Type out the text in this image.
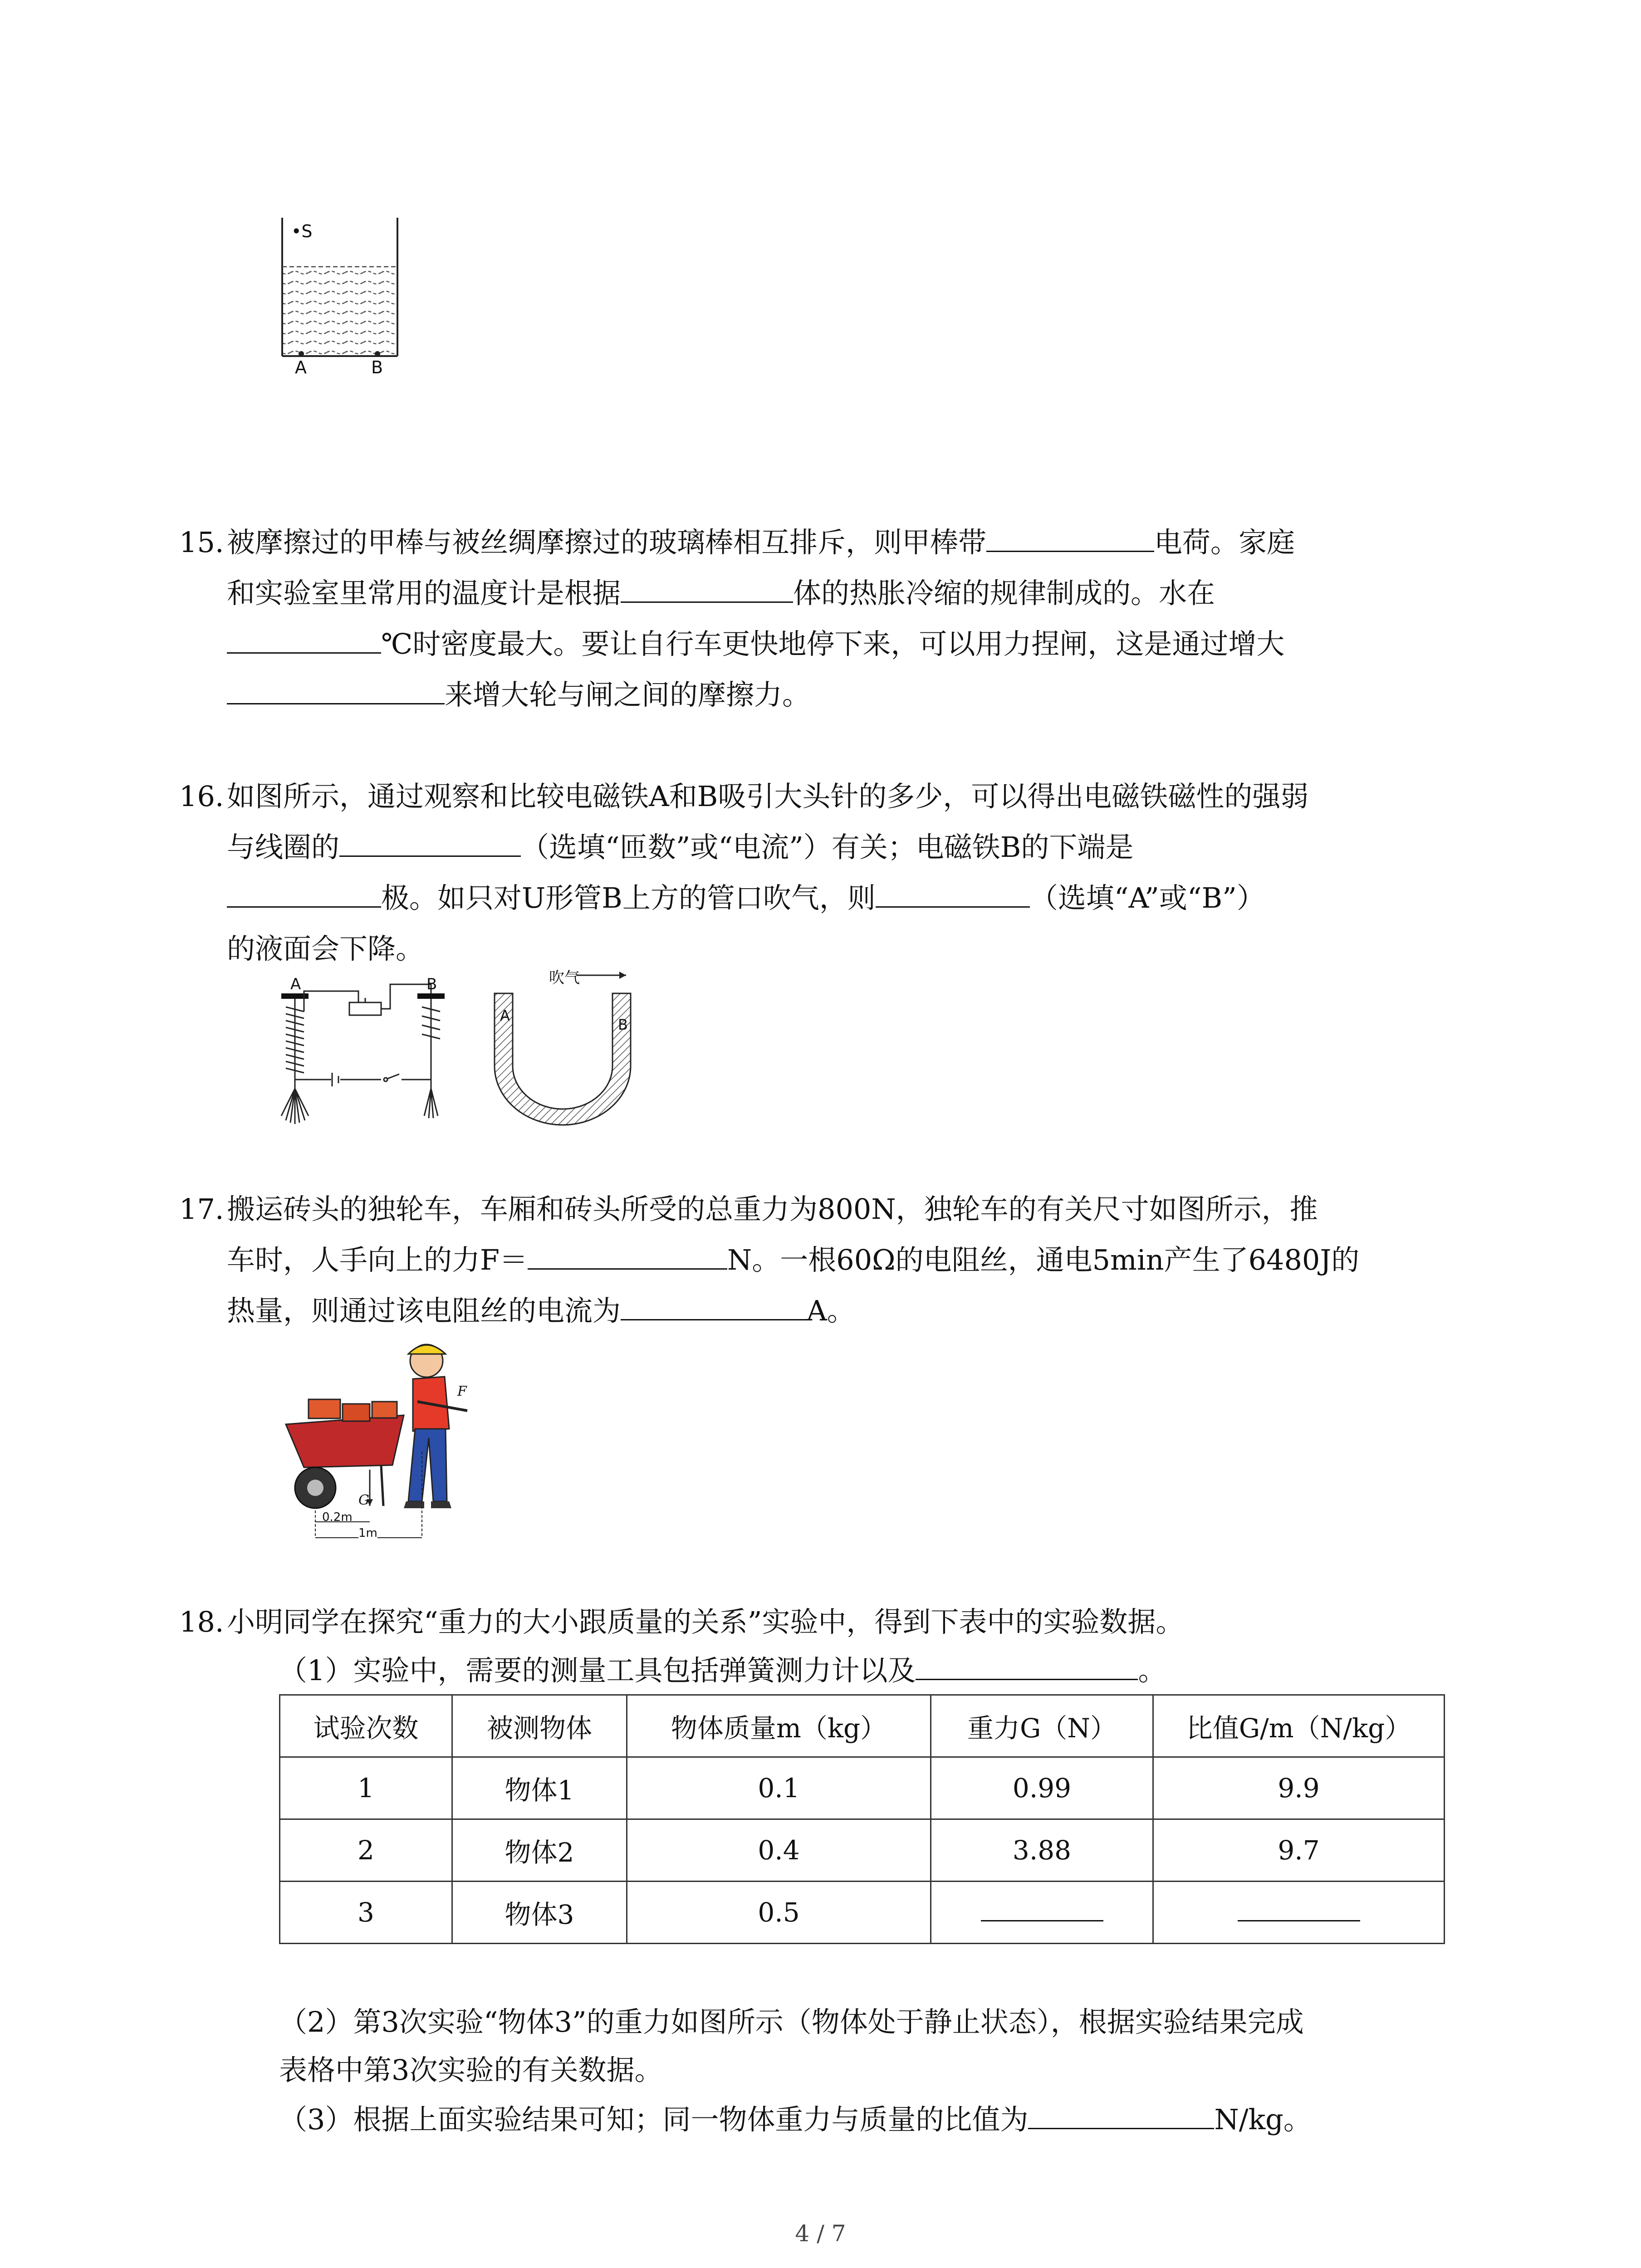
•S
A	B
15. 被摩擦过的甲棒与被丝绸摩擦过的玻璃棒相互排斥，则甲棒带	电荷。家庭
和实验室里常用的温度计是根据	体的热胀冷缩的规律制成的。水在
℃时密度最大。要让自行车更快地停下来，可以用力捏闸，这是通过增大
来增大轮与闸之间的摩擦力。
16. 如图所示，通过观察和比较电磁铁A和B吸引大头针的多少，可以得出电磁铁磁性的强弱
与线圈的	（选填“匝数”或“电流”）有关；电磁铁B的下端是
极。如只对U形管B上方的管口吹气，则	（选填“A”或“B”）
的液面会下降。
A	B	吹气
A
B
17. 搬运砖头的独轮车，车厢和砖头所受的总重力为800N，独轮车的有关尺寸如图所示，推
车时，人手向上的力F＝	N。一根60Ω的电阻丝，通电5min产生了6480J的
热量，则通过该电阻丝的电流为	A。
F
G
0.2m
1m
18. 小明同学在探究“重力的大小跟质量的关系”实验中，得到下表中的实验数据。
（1）实验中，需要的测量工具包括弹簧测力计以及	。
试验次数	被测物体	物体质量m（kg）	重力G（N）	比值G/m（N/kg）
1	物体1	0.1	0.99	9.9
2	物体2	0.4	3.88	9.7
3	物体3	0.5		
（2）第3次实验“物体3”的重力如图所示（物体处于静止状态），根据实验结果完成
表格中第3次实验的有关数据。
（3）根据上面实验结果可知；同一物体重力与质量的比值为	N/kg。
4 / 7
